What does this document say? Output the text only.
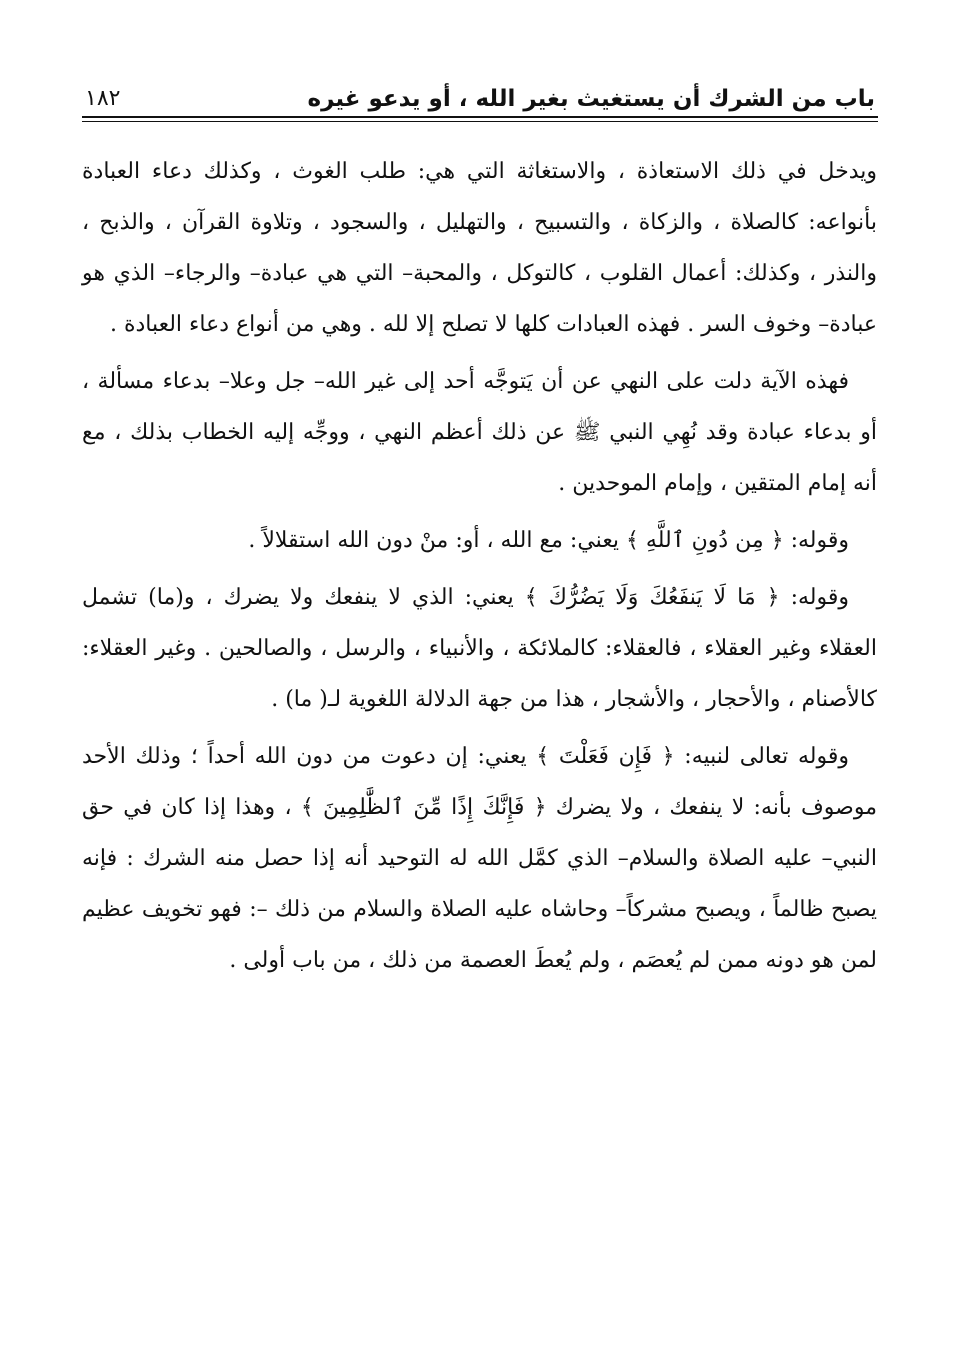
باب من الشرك أن يستغيث بغير الله ، أو يدعو غيره
١٨٢

ويدخل في ذلك الاستعاذة ، والاستغاثة التي هي: طلب الغوث ، وكذلك دعاء العبادة بأنواعه: كالصلاة ، والزكاة ، والتسبيح ، والتهليل ، والسجود ، وتلاوة القرآن ، والذبح ، والنذر ، وكذلك: أعمال القلوب ، كالتوكل ، والمحبة– التي هي عبادة– والرجاء– الذي هو عبادة– وخوف السر . فهذه العبادات كلها لا تصلح إلا لله . وهي من أنواع دعاء العبادة .

فهذه الآية دلت على النهي عن أن يَتوجَّه أحد إلى غير الله– جل وعلا– بدعاء مسألة ، أو بدعاء عبادة وقد نُهِي النبي ﷺ عن ذلك أعظم النهي ، ووجِّه إليه الخطاب بذلك ، مع أنه إمام المتقين ، وإمام الموحدين .

وقوله: ﴿ مِن دُونِ ٱللَّهِ ﴾ يعني: مع الله ، أو: منْ دون الله استقلالاً .

وقوله: ﴿ مَا لَا يَنفَعُكَ وَلَا يَضُرُّكَ ﴾ يعني: الذي لا ينفعك ولا يضرك ، و(ما) تشمل العقلاء وغير العقلاء ، فالعقلاء: كالملائكة ، والأنبياء ، والرسل ، والصالحين . وغير العقلاء: كالأصنام ، والأحجار ، والأشجار ، هذا من جهة الدلالة اللغوية لـ( ما) .

وقوله تعالى لنبيه: ﴿ فَإِن فَعَلْتَ ﴾ يعني: إن دعوت من دون الله أحداً ؛ وذلك الأحد موصوف بأنه: لا ينفعك ، ولا يضرك ﴿ فَإِنَّكَ إِذًا مِّنَ ٱلظَّٰلِمِينَ ﴾ ، وهذا إذا كان في حق النبي– عليه الصلاة والسلام– الذي كمَّل الله له التوحيد أنه إذا حصل منه الشرك : فإنه يصبح ظالماً ، ويصبح مشركاً– وحاشاه عليه الصلاة والسلام من ذلك –: فهو تخويف عظيم لمن هو دونه ممن لم يُعصَم ، ولم يُعطَ العصمة من ذلك ، من باب أولى .
